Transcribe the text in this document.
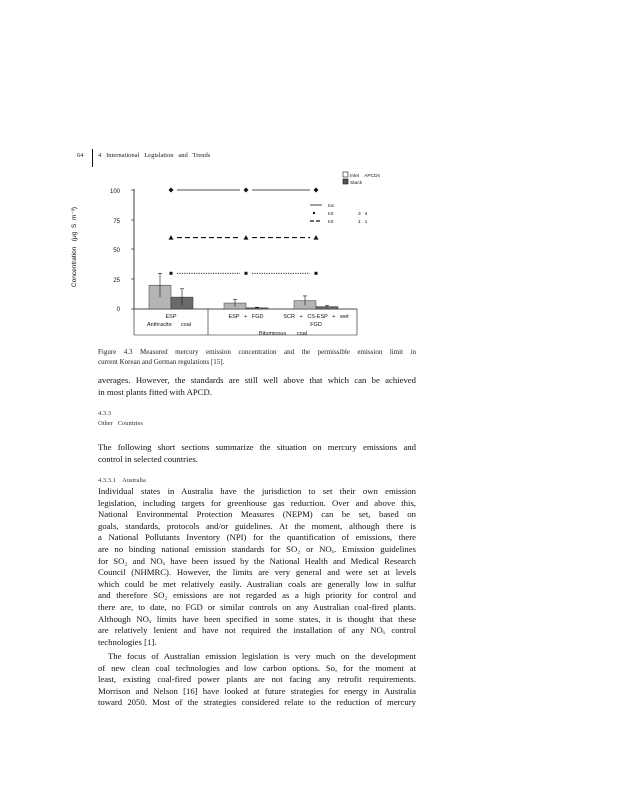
64 4   International   Legislation   and   Trends
Concentration   (μg  S  m⁻³)
100
75
50
25
0
ESP	ESP   +   FGD	SCR   +   CS-ESP   +   wet
FGD
Anthracite      coal
Bituminous       coal
Inlet    APCDs
Stack
Inc
Int	3   4
Int	1   1
Figure 4.3 Measured mercury emission concentration and the permissible emission limit in
current Korean and German regulations [15].
averages. However, the standards are still well above that which can be achieved
in most plants fitted with APCD.
4.3.3
Other   Countries
The following short sections summarize the situation on mercury emissions and
control in selected countries.
4.3.3.1    Australia
Individual states in Australia have the jurisdiction to set their own emission
legislation, including targets for greenhouse gas reduction. Over and above this,
National Environmental Protection Measures (NEPM) can be set, based on
goals, standards, protocols and/or guidelines. At the moment, although there is
a National Pollutants Inventory (NPI) for the quantification of emissions, there
are no binding national emission standards for SO₂ or NOₓ. Emission guidelines
for SO₂ and NOₓ have been issued by the National Health and Medical Research
Council (NHMRC). However, the limits are very general and were set at levels
which could be met relatively easily. Australian coals are generally low in sulfur
and therefore SO₂ emissions are not regarded as a high priority for control and
there are, to date, no FGD or similar controls on any Australian coal-fired plants.
Although NOₓ limits have been specified in some states, it is thought that these
are relatively lenient and have not required the installation of any NOₓ control
technologies [1].
The focus of Australian emission legislation is very much on the development
of new clean coal technologies and low carbon options. So, for the moment at
least, existing coal-fired power plants are not facing any retrofit requirements.
Morrison and Nelson [16] have looked at future strategies for energy in Australia
toward 2050. Most of the strategies considered relate to the reduction of mercury
